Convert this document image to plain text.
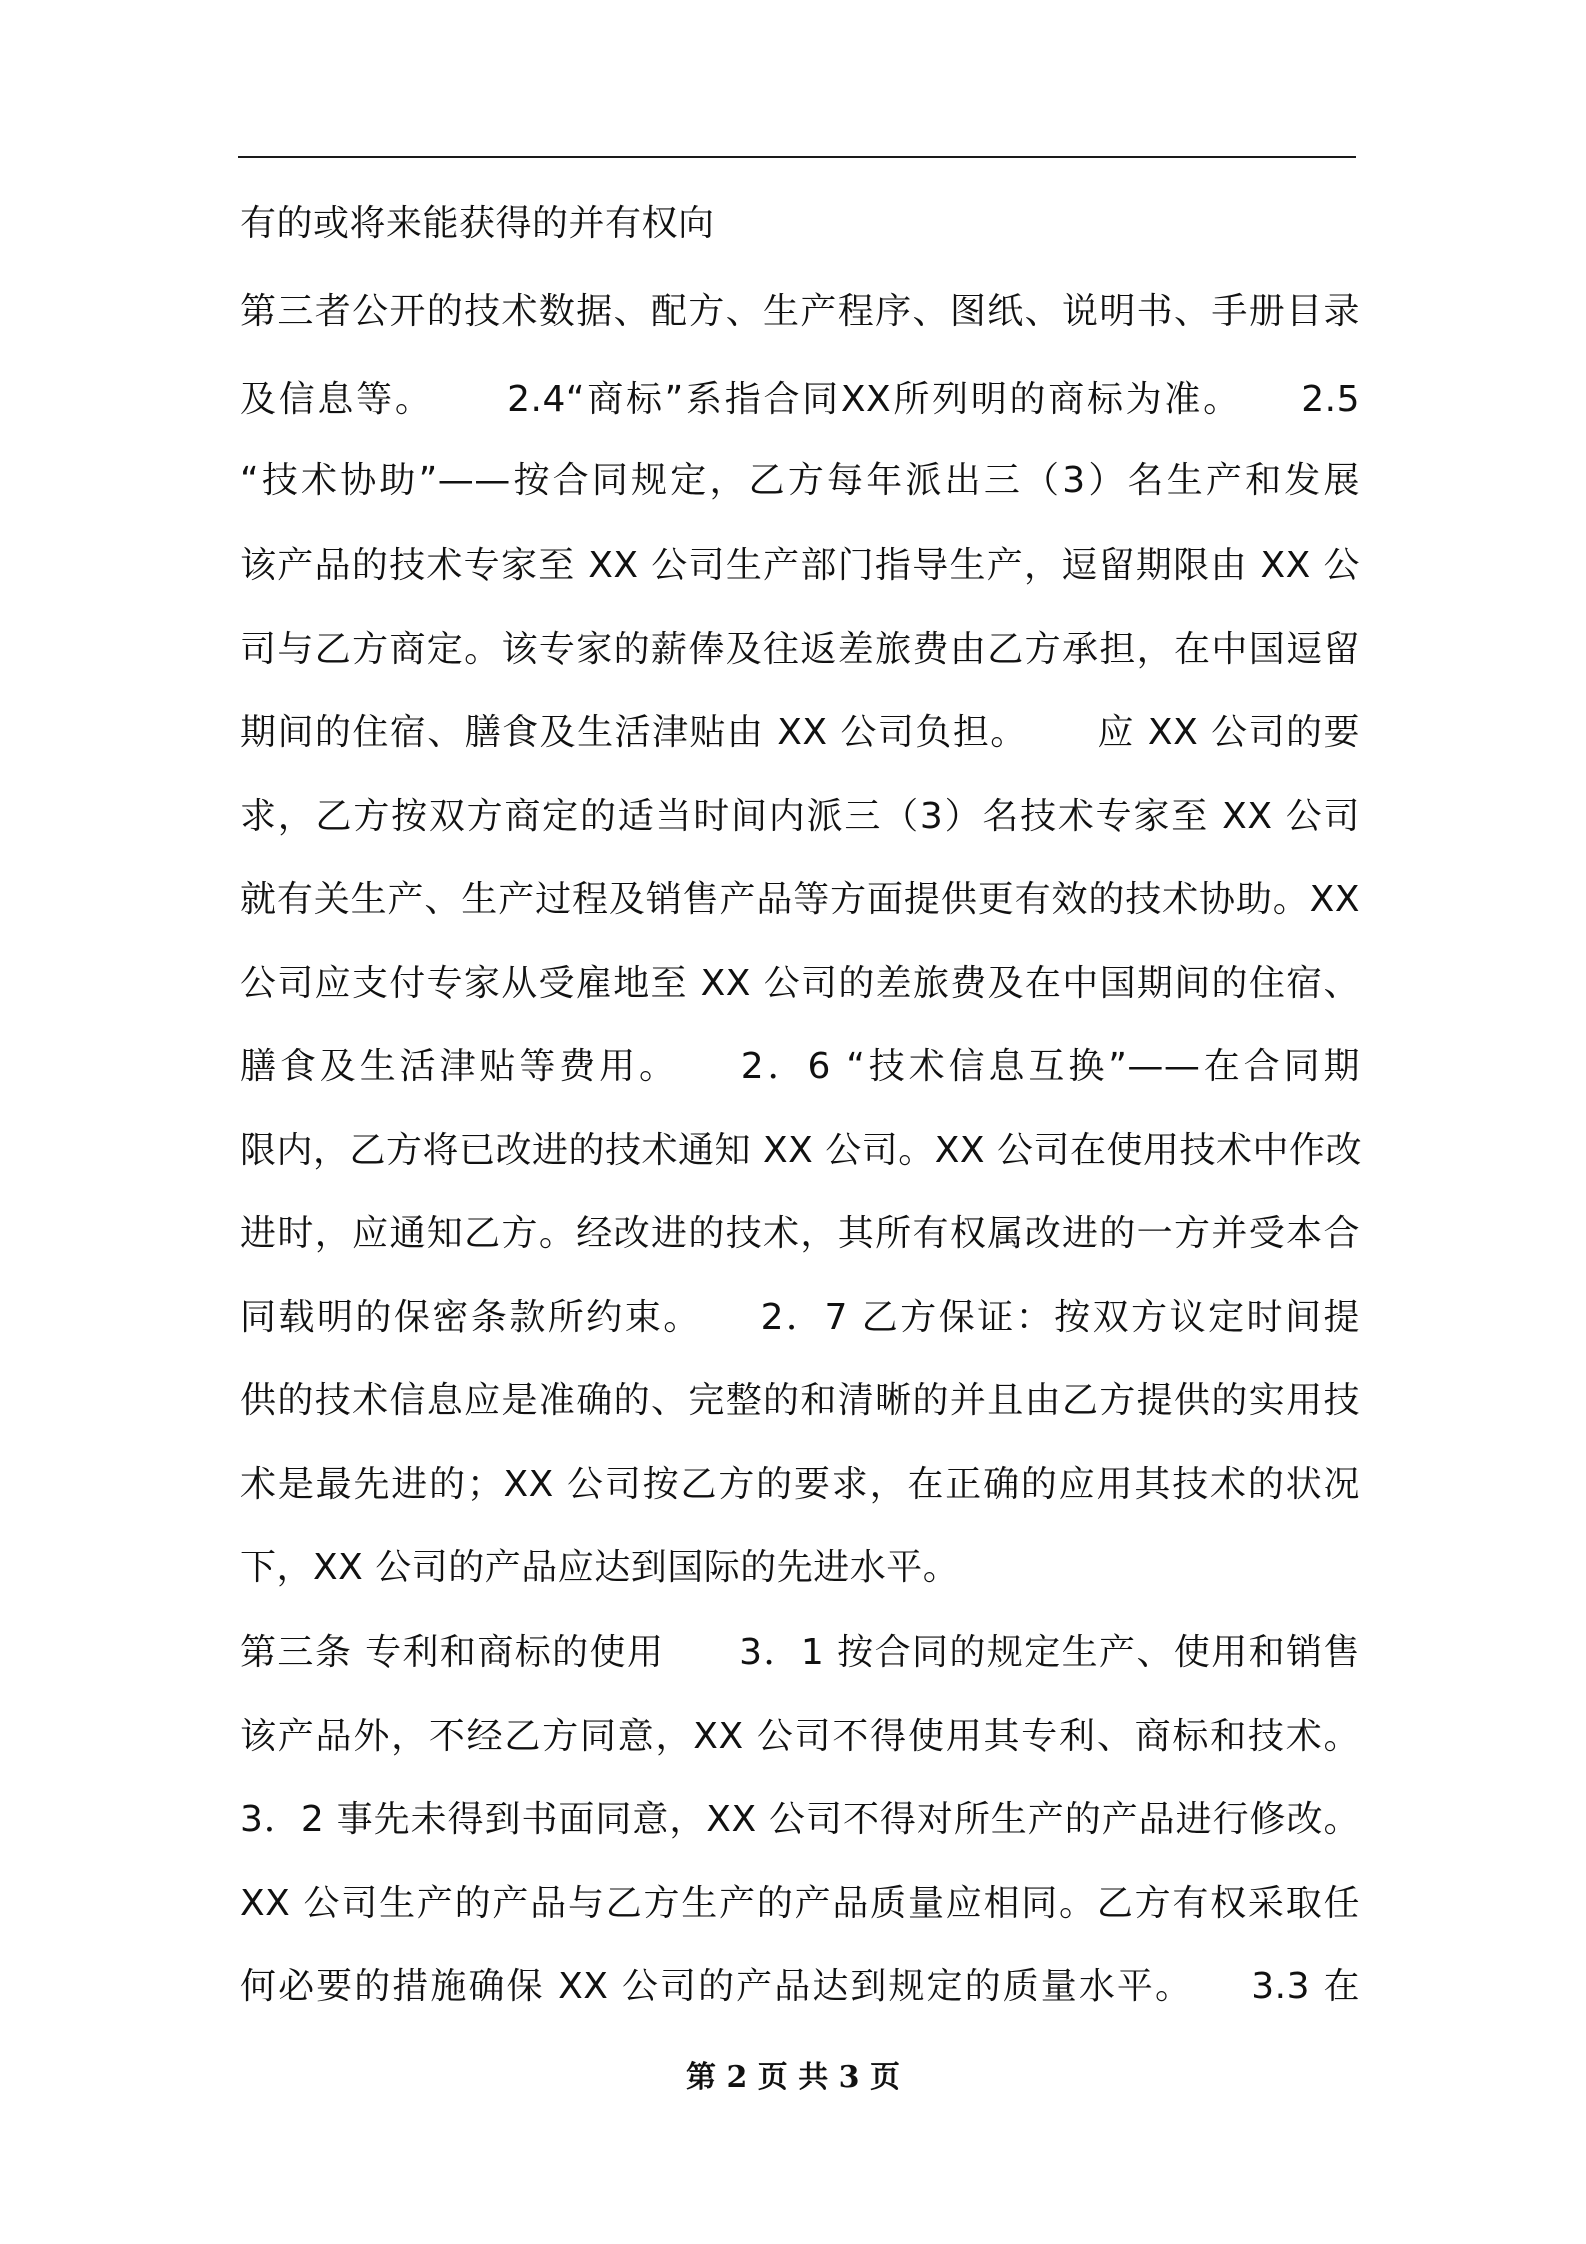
有的或将来能获得的并有权向
第三者公开的技术数据、配方、生产程序、图纸、说明书、手册目录
及信息等。　 　2.4“商标”系指合同XX所列明的商标为准。　　2.5
“技术协助”——按合同规定，乙方每年派出三（3）名生产和发展
该产品的技术专家至 XX 公司生产部门指导生产，逗留期限由 XX 公
司与乙方商定。该专家的薪俸及往返差旅费由乙方承担，在中国逗留
期间的住宿、膳食及生活津贴由 XX 公司负担。　　 应 XX 公司的要
求，乙方按双方商定的适当时间内派三（3）名技术专家至 XX 公司
就有关生产、生产过程及销售产品等方面提供更有效的技术协助。XX
公司应支付专家从受雇地至 XX 公司的差旅费及在中国期间的住宿、
膳食及生活津贴等费用。　　2．6 “技术信息互换”——在合同期
限内，乙方将已改进的技术通知 XX 公司。XX 公司在使用技术中作改
进时，应通知乙方。经改进的技术，其所有权属改进的一方并受本合
同载明的保密条款所约束。　　2．7 乙方保证：按双方议定时间提
供的技术信息应是准确的、完整的和清晰的并且由乙方提供的实用技
术是最先进的；XX 公司按乙方的要求，在正确的应用其技术的状况
下，XX 公司的产品应达到国际的先进水平。
第三条 专利和商标的使用　　3．1 按合同的规定生产、使用和销售
该产品外，不经乙方同意，XX 公司不得使用其专利、商标和技术。
3．2 事先未得到书面同意，XX 公司不得对所生产的产品进行修改。
XX 公司生产的产品与乙方生产的产品质量应相同。乙方有权采取任
何必要的措施确保 XX 公司的产品达到规定的质量水平。　　3.3 在
第 2 页 共 3 页
